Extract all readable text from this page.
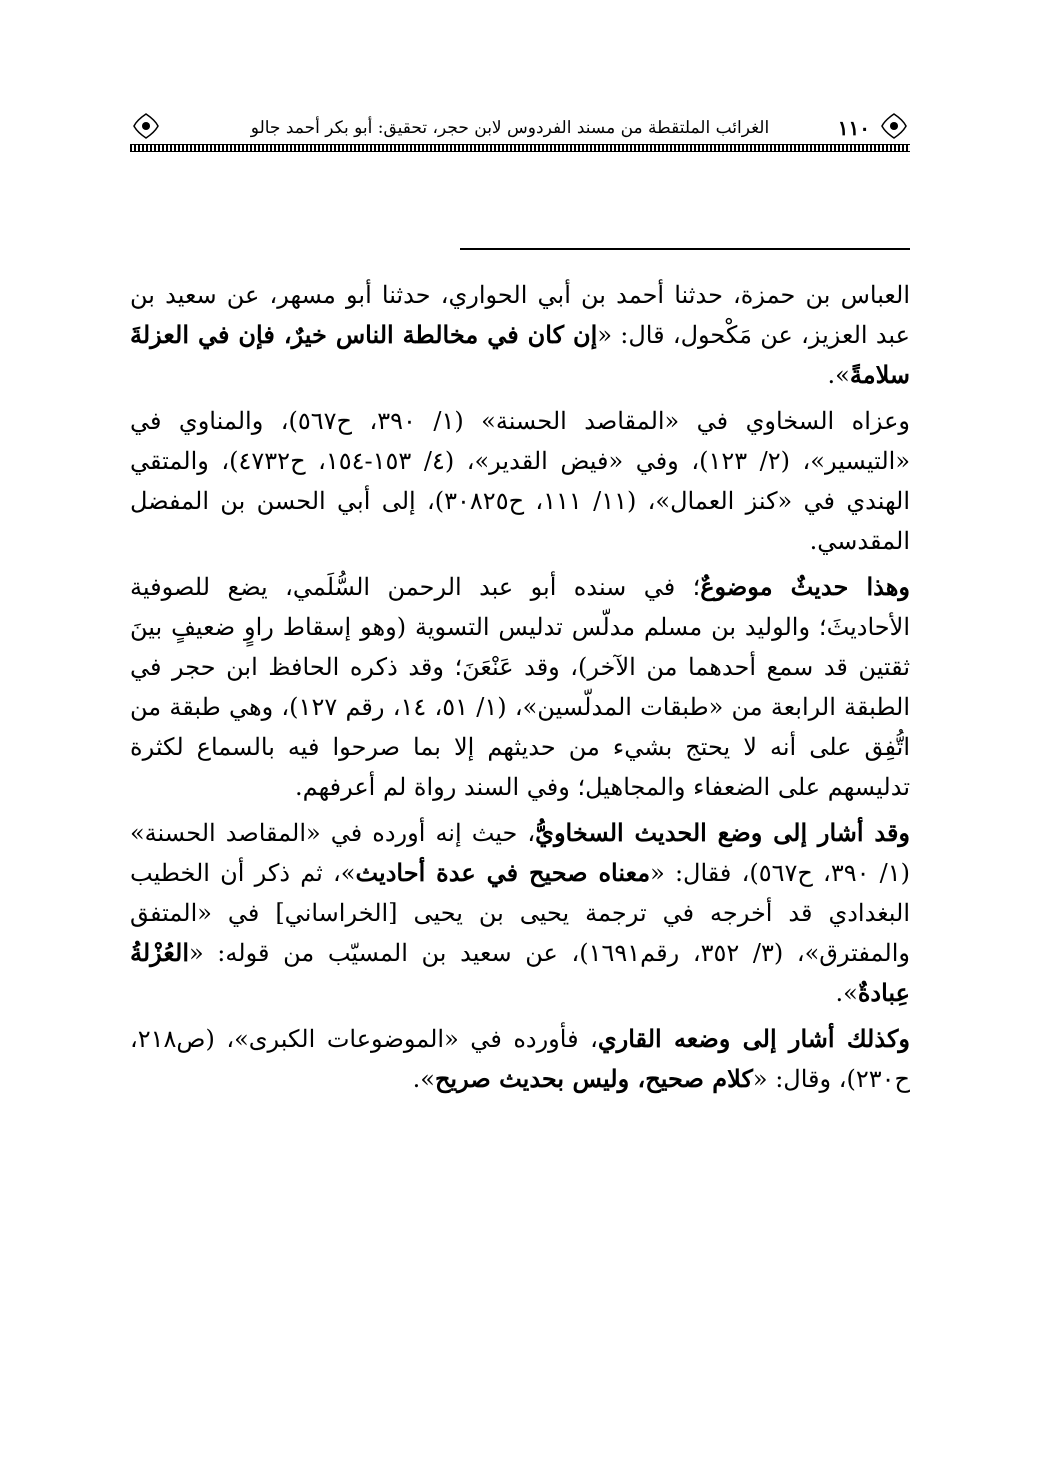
١١٠
الغرائب الملتقطة من مسند الفردوس لابن حجر، تحقيق: أبو بكر أحمد جالو

العباس بن حمزة، حدثنا أحمد بن أبي الحواري، حدثنا أبو مسهر، عن سعيد بن عبد العزيز، عن مَكْحول، قال: «إن كان في مخالطة الناس خيرٌ، فإن في العزلةَ سلامةً».

وعزاه السخاوي في «المقاصد الحسنة» (١/ ٣٩٠، ح٥٦٧)، والمناوي في «التيسير»، (٢/ ١٢٣)، وفي «فيض القدير»، (٤/ ١٥٣-١٥٤، ح٤٧٣٢)، والمتقي الهندي في «كنز العمال»، (١١/ ١١١، ح٣٠٨٢٥)، إلى أبي الحسن بن المفضل المقدسي.

وهذا حديثٌ موضوعٌ؛ في سنده أبو عبد الرحمن السُّلَمي، يضع للصوفية الأحاديثَ؛ والوليد بن مسلم مدلّس تدليس التسوية (وهو إسقاط راوٍ ضعيفٍ بينَ ثقتين قد سمع أحدهما من الآخر)، وقد عَنْعَنَ؛ وقد ذكره الحافظ ابن حجر في الطبقة الرابعة من «طبقات المدلّسين»، (١/ ٥١، ١٤، رقم ١٢٧)، وهي طبقة من اتُّفِق على أنه لا يحتج بشيء من حديثهم إلا بما صرحوا فيه بالسماع لكثرة تدليسهم على الضعفاء والمجاهيل؛ وفي السند رواة لم أعرفهم.

وقد أشار إلى وضع الحديث السخاويُّ، حيث إنه أورده في «المقاصد الحسنة» (١/ ٣٩٠، ح٥٦٧)، فقال: «معناه صحيح في عدة أحاديث»، ثم ذكر أن الخطيب البغدادي قد أخرجه في ترجمة يحيى بن يحيى [الخراساني] في «المتفق والمفترق»، (٣/ ٣٥٢، رقم١٦٩١)، عن سعيد بن المسيّب من قوله: «العُزْلةُ عِبادةٌ».

وكذلك أشار إلى وضعه القاري، فأورده في «الموضوعات الكبرى»، (ص٢١٨، ح٢٣٠)، وقال: «كلام صحيح، وليس بحديث صريح».
